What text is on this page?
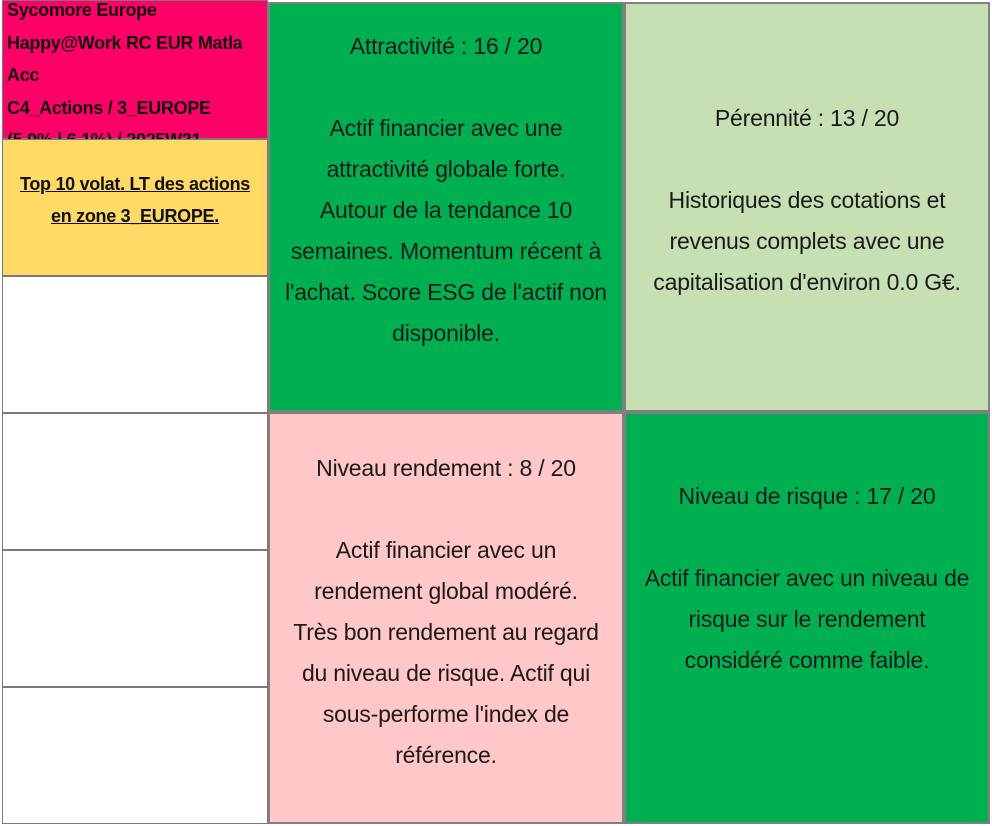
Sycomore Europe
Happy@Work RC EUR Matla
Acc
C4_Actions / 3_EUROPE
Top 10 volat. LT des actions
en zone 3_EUROPE.
Attractivité : 16 / 20
Actif financier avec une
attractivité globale forte.
Autour de la tendance 10
semaines. Momentum récent à
l'achat. Score ESG de l'actif non
disponible.
Pérennité : 13 / 20
Historiques des cotations et
revenus complets avec une
capitalisation d'environ 0.0 G€.
Niveau rendement : 8 / 20
Actif financier avec un
rendement global modéré.
Très bon rendement au regard
du niveau de risque. Actif qui
sous-performe l'index de
référence.
Niveau de risque : 17 / 20
Actif financier avec un niveau de
risque sur le rendement
considéré comme faible.
